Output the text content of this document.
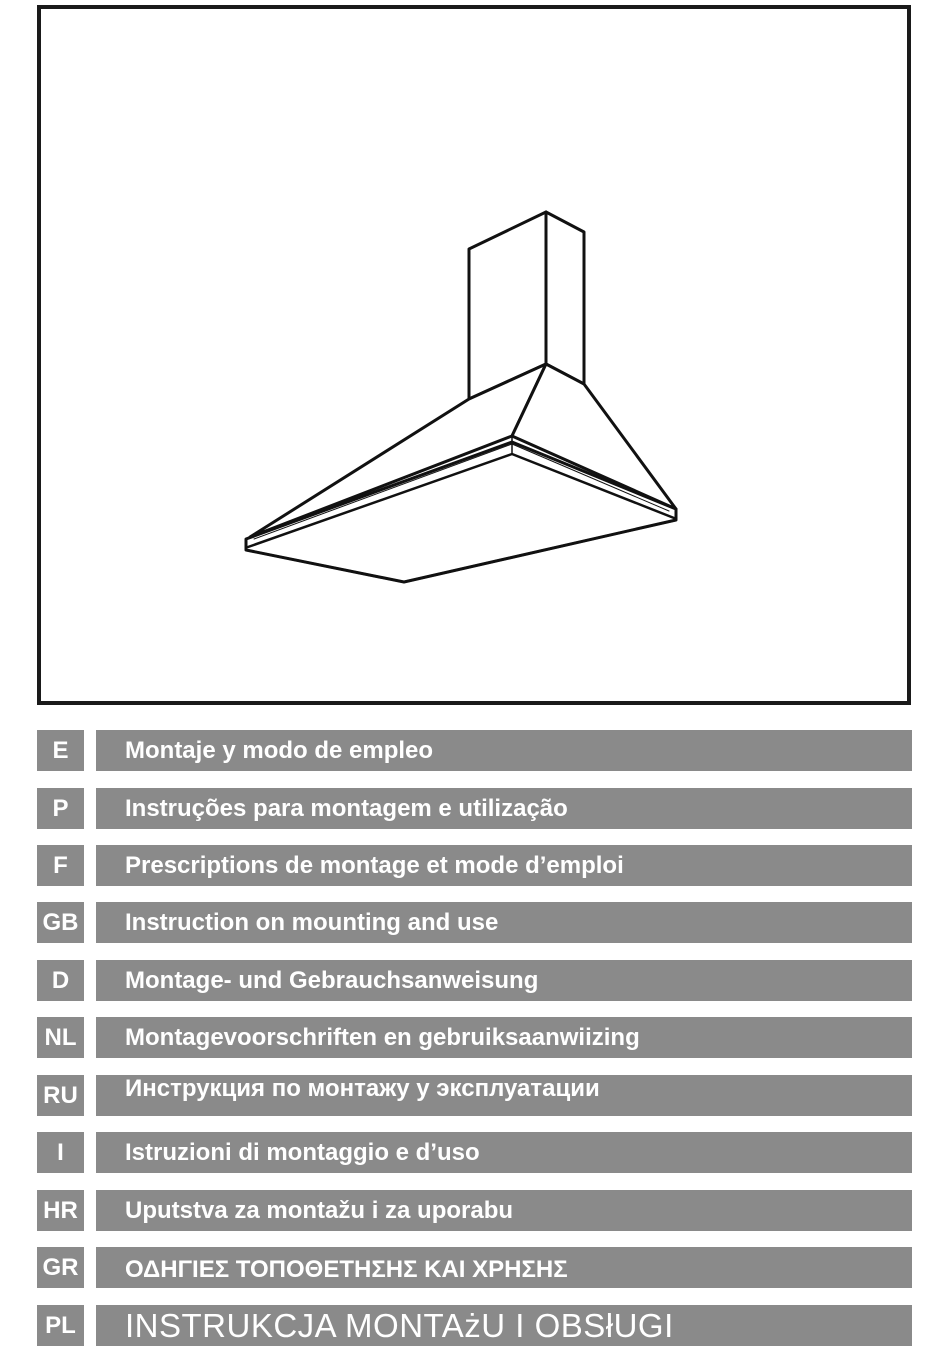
E	Montaje y modo de empleo
P	Instruções para montagem e utilização
F	Prescriptions de montage et mode d’emploi
GB Instruction on mounting and use
D	Montage- und Gebrauchsanweisung
NL	Montagevoorschriften en gebruiksaanwiizing
RU Инструкция по монтажу у эксплуатации
I	Istruzioni di montaggio e d’uso
HR Uputstva za montažu i za uporabu
GR ΟΔΗΓΙΕΣ ΤΟΠΟΘΕΤΗΣΗΣ ΚΑΙ ΧΡΗΣΗΣ
PL INSTRUKCJA MONTAżU I OBSłUGI
